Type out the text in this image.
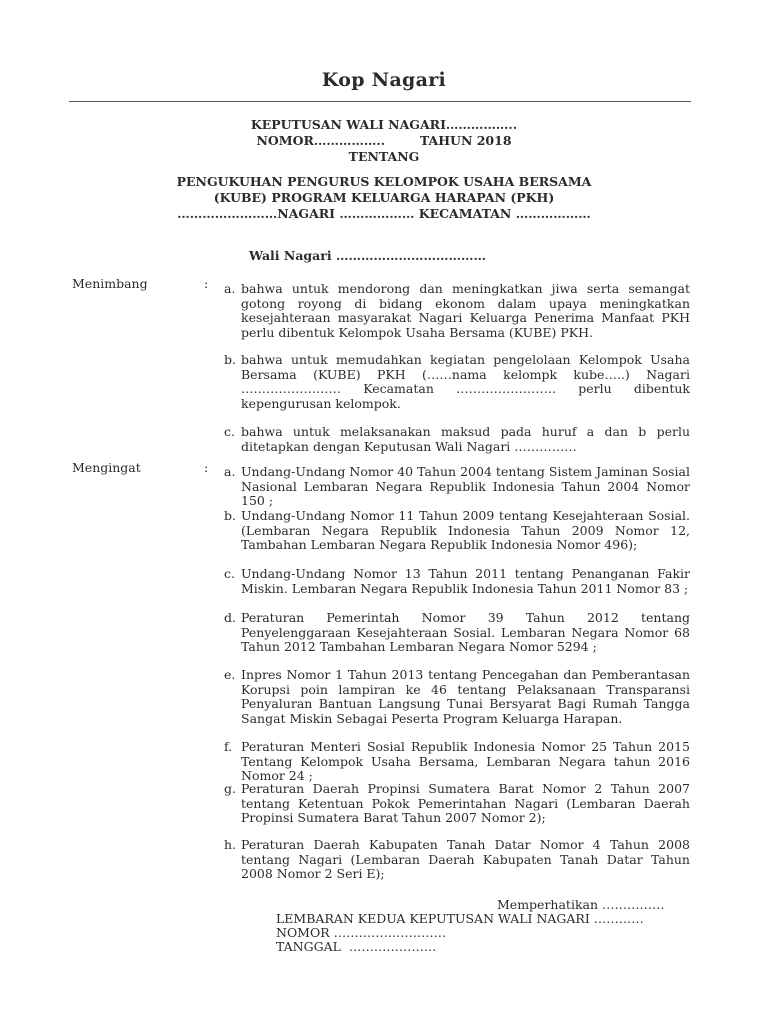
Kop Nagari
KEPUTUSAN WALI NAGARI……………..
NOMOR……………..        TAHUN 2018
TENTANG
PENGUKUHAN PENGURUS KELOMPOK USAHA BERSAMA
(KUBE) PROGRAM KELUARGA HARAPAN (PKH)
……………………NAGARI ……………… KECAMATAN ………………
Wali Nagari ………………………………
Menimbang	: a. bahwa untuk mendorong dan meningkatkan jiwa serta semangat gotong royong di bidang ekonom dalam upaya meningkatkan kesejahteraan masyarakat Nagari Keluarga Penerima Manfaat PKH perlu dibentuk Kelompok Usaha Bersama (KUBE) PKH.
b. bahwa untuk memudahkan kegiatan pengelolaan Kelompok Usaha Bersama (KUBE) PKH (……nama kelompk kube…..) Nagari …………………… Kecamatan …………………… perlu dibentuk kepengurusan kelompok.
c. bahwa untuk melaksanakan maksud pada huruf a dan b perlu ditetapkan dengan Keputusan Wali Nagari ……………
Mengingat	: a. Undang-Undang Nomor 40 Tahun 2004 tentang Sistem Jaminan Sosial Nasional Lembaran Negara Republik Indonesia Tahun 2004 Nomor 150 ;
b. Undang-Undang Nomor 11 Tahun 2009 tentang Kesejahteraan Sosial. (Lembaran Negara Republik Indonesia Tahun 2009 Nomor 12, Tambahan Lembaran Negara Republik Indonesia Nomor 496);
c. Undang-Undang Nomor 13 Tahun 2011 tentang Penanganan Fakir Miskin. Lembaran Negara Republik Indonesia Tahun 2011 Nomor 83 ;
d. Peraturan Pemerintah Nomor 39 Tahun 2012 tentang Penyelenggaraan Kesejahteraan Sosial. Lembaran Negara Nomor 68 Tahun 2012 Tambahan Lembaran Negara Nomor 5294 ;
e. Inpres Nomor 1 Tahun 2013 tentang Pencegahan dan Pemberantasan Korupsi poin lampiran ke 46 tentang Pelaksanaan Transparansi Penyaluran Bantuan Langsung Tunai Bersyarat Bagi Rumah Tangga Sangat Miskin Sebagai Peserta Program Keluarga Harapan.
f. Peraturan Menteri Sosial Republik Indonesia Nomor 25 Tahun 2015 Tentang Kelompok Usaha Bersama, Lembaran Negara tahun 2016 Nomor 24 ;
g. Peraturan Daerah Propinsi Sumatera Barat Nomor 2 Tahun 2007 tentang Ketentuan Pokok Pemerintahan Nagari (Lembaran Daerah Propinsi Sumatera Barat Tahun 2007 Nomor 2);
h. Peraturan Daerah Kabupaten Tanah Datar Nomor 4 Tahun 2008 tentang Nagari (Lembaran Daerah Kabupaten Tanah Datar Tahun 2008 Nomor 2 Seri E);
Memperhatikan ……………
LEMBARAN KEDUA KEPUTUSAN WALI NAGARI …………
NOMOR ………………………
TANGGAL  …………………
